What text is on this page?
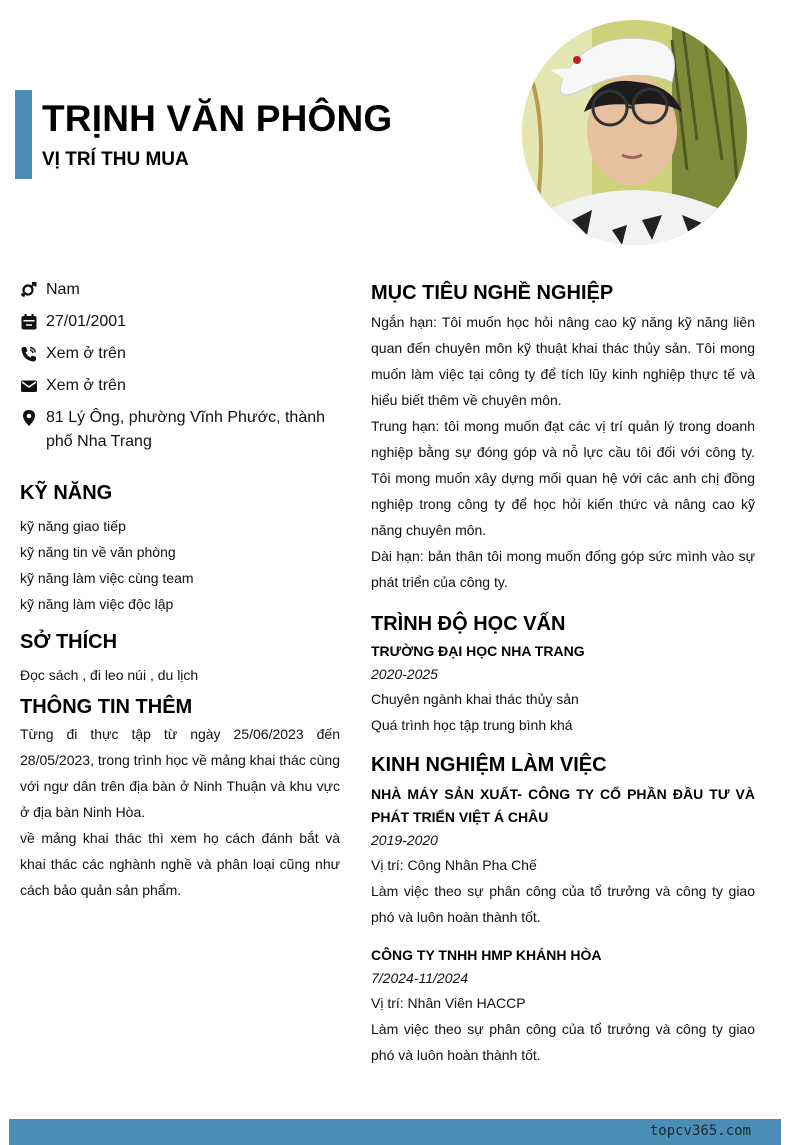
TRỊNH VĂN PHÔNG
VỊ TRÍ THU MUA
Nam
27/01/2001
Xem ở trên
Xem ở trên
81 Lý Ông, phường Vĩnh Phước, thành phố Nha Trang
KỸ NĂNG
kỹ năng giao tiếp
kỹ năng tin về văn phòng
kỹ năng làm việc cùng team
kỹ năng làm việc độc lập
SỞ THÍCH
Đọc sách , đi leo núi , du lịch
THÔNG TIN THÊM
Từng đi thực tập từ ngày 25/06/2023 đến 28/05/2023, trong trình học về mảng khai thác cùng với ngư dân trên địa bàn ở Ninh Thuận và khu vực ở địa bàn Ninh Hòa.
về mảng khai thác thì xem họ cách đánh bắt và khai thác các nghành nghề và phân loại cũng như cách bảo quản sản phẩm.
MỤC TIÊU NGHỀ NGHIỆP
Ngắn hạn: Tôi muốn học hỏi nâng cao kỹ năng kỹ năng liên quan đến chuyên môn kỹ thuật khai thác thủy sản. Tôi mong muốn làm việc tại công ty để tích lũy kinh nghiệp thực tế và hiểu biết thêm về chuyên môn.
Trung hạn: tôi mong muốn đạt các vị trí quản lý trong doanh nghiệp bằng sự đóng góp và nỗ lực cầu tôi đối với công ty. Tôi mong muốn xây dựng mối quan hệ với các anh chị đồng nghiệp trong công ty để học hỏi kiến thức và nâng cao kỹ năng chuyên môn.
Dài hạn: bản thân tôi mong muốn đống góp sức mình vào sự phát triển của công ty.
TRÌNH ĐỘ HỌC VẤN
TRƯỜNG ĐẠI HỌC NHA TRANG
2020-2025
Chuyên ngành khai thác thủy sản
Quá trình học tập trung bình khá
KINH NGHIỆM LÀM VIỆC
NHÀ MÁY SẢN XUẤT- CÔNG TY CỔ PHẦN ĐẦU TƯ VÀ PHÁT TRIỂN VIỆT Á CHÂU
2019-2020
Vị trí: Công Nhân Pha Chế
Làm việc theo sự phân công của tổ trưởng và công ty giao phó và luôn hoàn thành tốt.
CÔNG TY TNHH HMP KHÁNH HÒA
7/2024-11/2024
Vị trí: Nhân Viên HACCP
Làm việc theo sự phân công của tổ trưởng và công ty giao phó và luôn hoàn thành tốt.
topcv365.com
